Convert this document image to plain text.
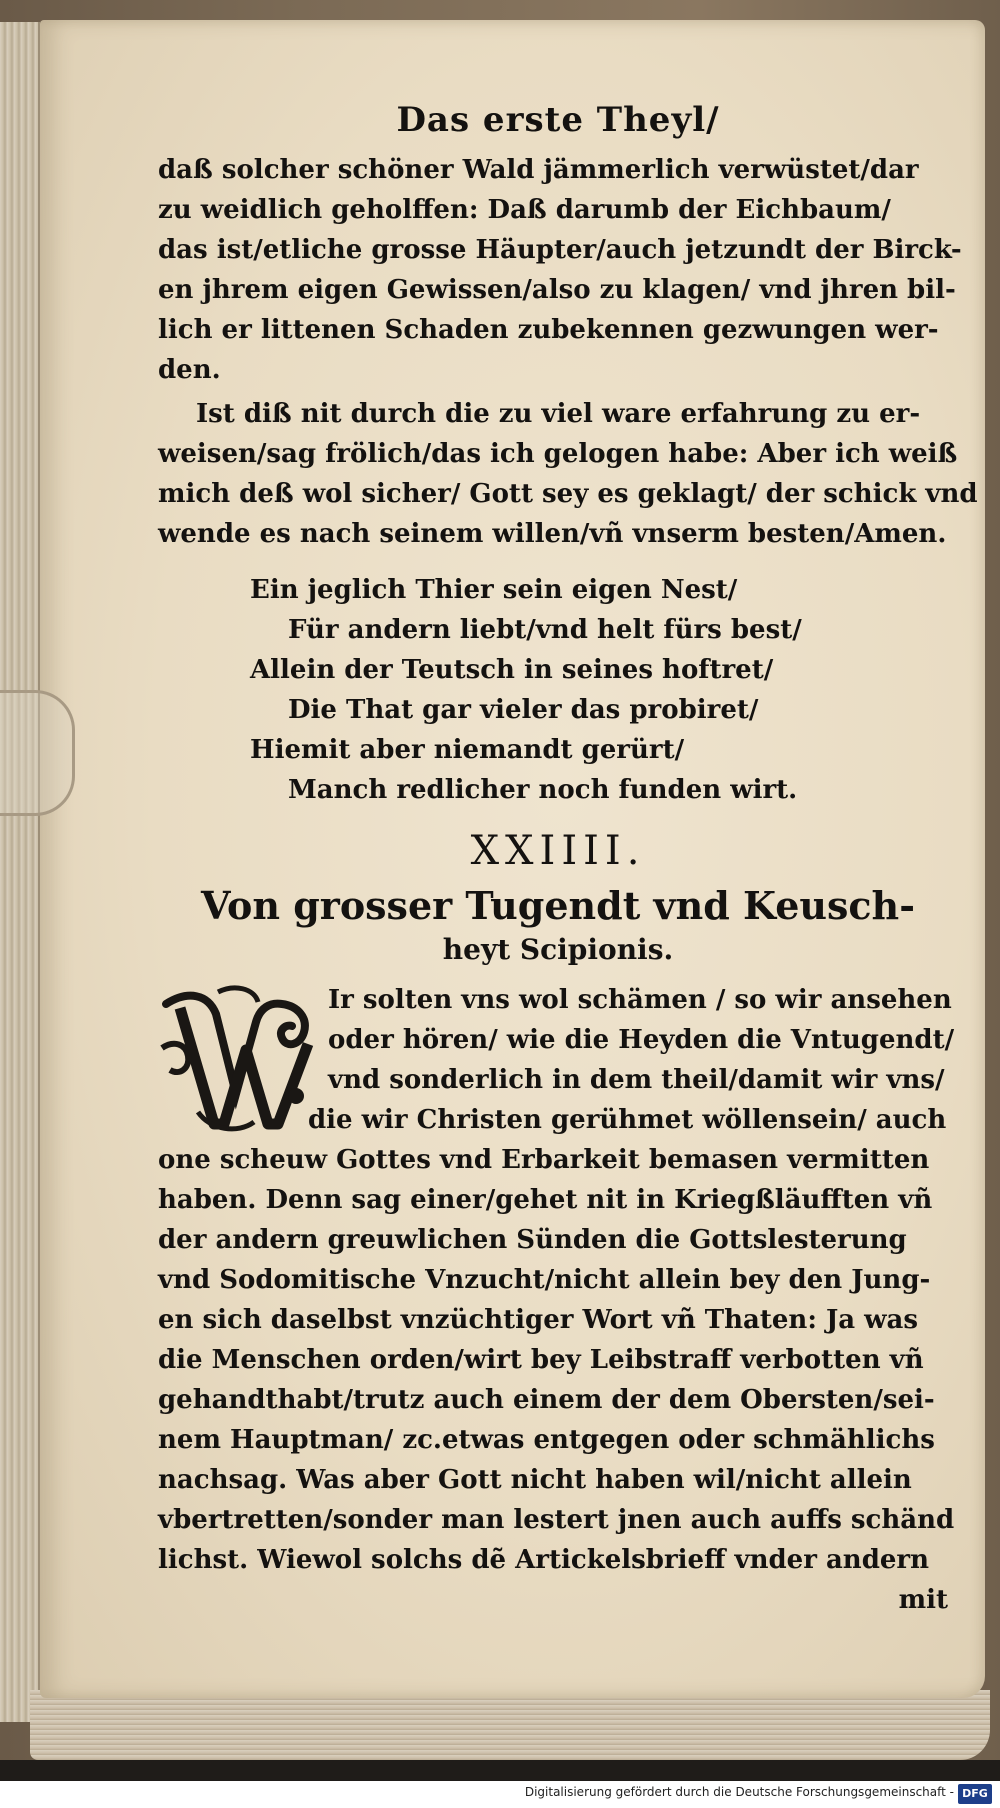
Das erste Theyl/

daß solcher schöner Wald jämmerlich verwüstet/dar

zu weidlich geholffen: Daß darumb der Eichbaum/

das ist/etliche grosse Häupter/auch jetzundt der Birck-

en jhrem eigen Gewissen/also zu klagen/ vnd jhren bil-

lich er littenen Schaden zubekennen gezwungen wer-

den.

Ist diß nit durch die zu viel ware erfahrung zu er-

weisen/sag frölich/das ich gelogen habe: Aber ich weiß

mich deß wol sicher/ Gott sey es geklagt/ der schick vnd

wende es nach seinem willen/vñ vnserm besten/Amen.

Ein jeglich Thier sein eigen Nest/

Für andern liebt/vnd helt fürs best/

Allein der Teutsch in seines hoftret/

Die That gar vieler das probiret/

Hiemit aber niemandt gerürt/

Manch redlicher noch funden wirt.

XXIIII.
Von grosser Tugendt vnd Keusch-
heyt Scipionis.
W

Ir solten vns wol schämen / so wir ansehen

oder hören/ wie die Heyden die Vntugendt/

vnd sonderlich in dem theil/damit wir vns/

die wir Christen gerühmet wöllensein/ auch

one scheuw Gottes vnd Erbarkeit bemasen vermitten

haben. Denn sag einer/gehet nit in Kriegßläufften vñ

der andern greuwlichen Sünden die Gottslesterung

vnd Sodomitische Vnzucht/nicht allein bey den Jung-

en sich daselbst vnzüchtiger Wort vñ Thaten: Ja was

die Menschen orden/wirt bey Leibstraff verbotten vñ

gehandthabt/trutz auch einem der dem Obersten/sei-

nem Hauptman/ zc.etwas entgegen oder schmählichs

nachsag. Was aber Gott nicht haben wil/nicht allein

vbertretten/sonder man lestert jnen auch auffs schänd

lichst. Wiewol solchs dẽ Artickelsbrieff vnder andern

mit
Digitalisierung gefördert durch die Deutsche Forschungsgemeinschaft - DFG
